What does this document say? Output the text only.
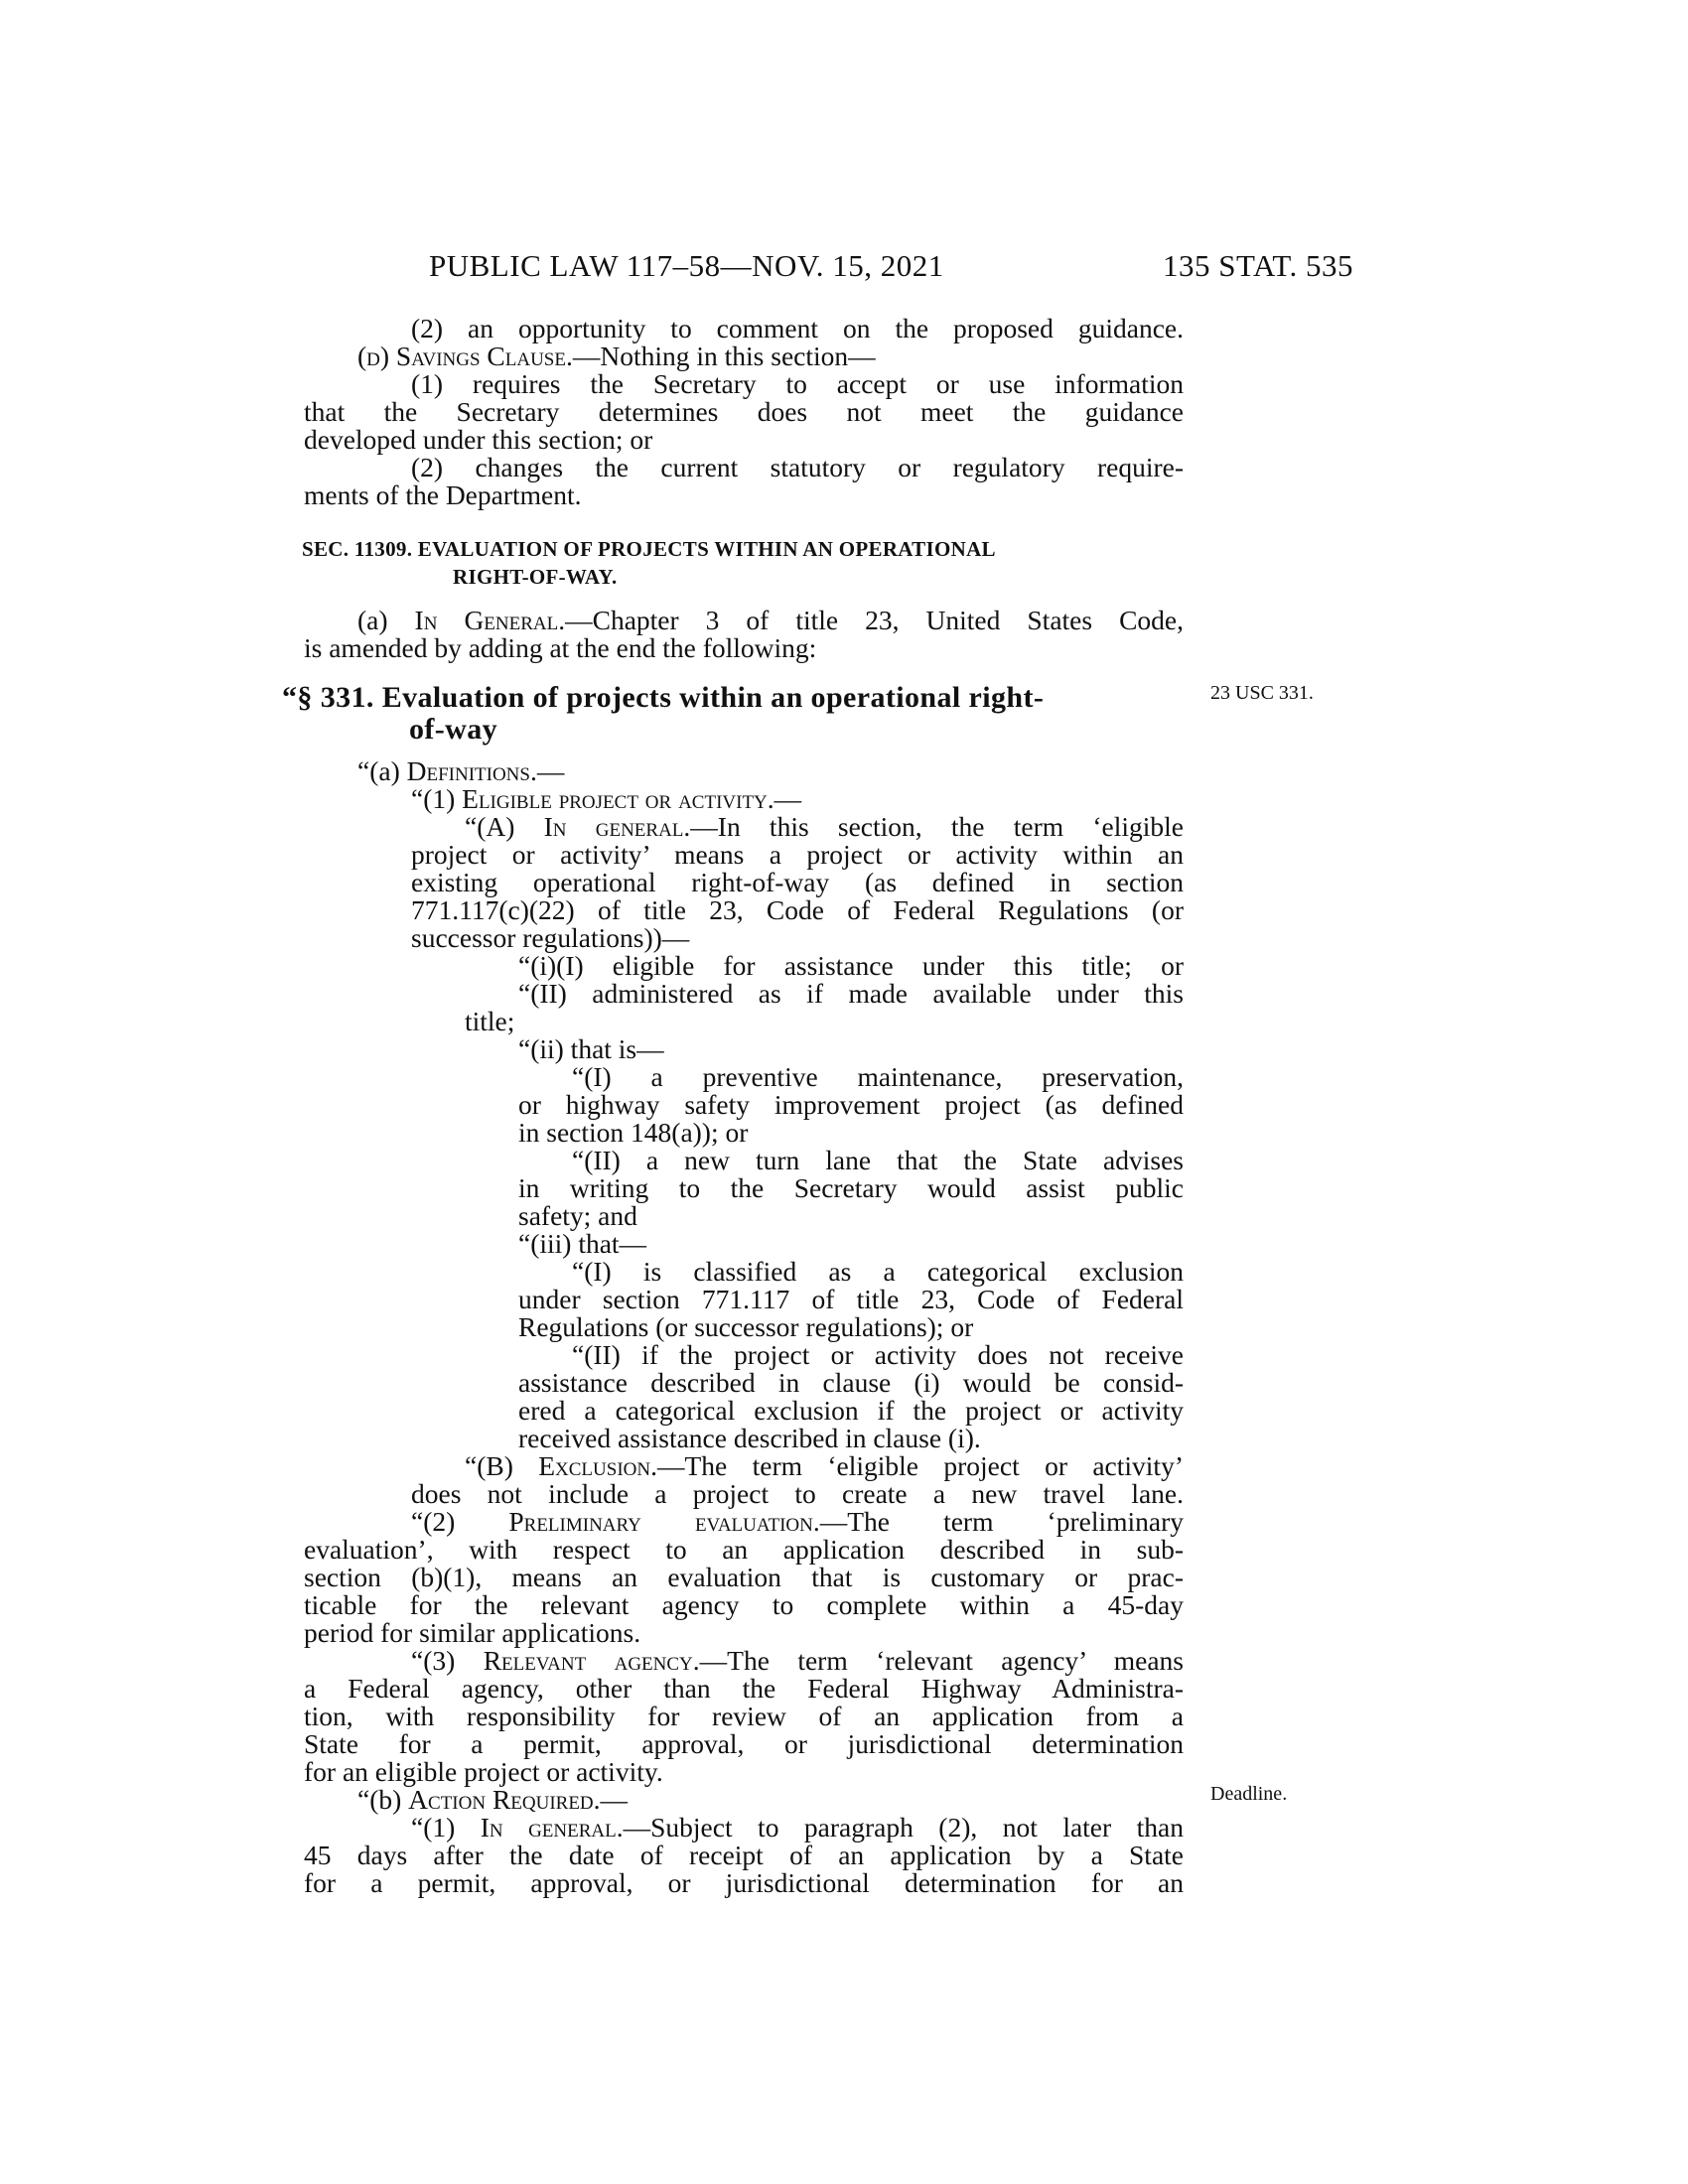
PUBLIC LAW 117–58—NOV. 15, 2021	135 STAT. 535
23 USC 331.
Deadline.
(2) an opportunity to comment on the proposed guidance.
(d) Savings Clause.—Nothing in this section—
(1) requires the Secretary to accept or use information
that the Secretary determines does not meet the guidance
developed under this section; or
(2) changes the current statutory or regulatory require-
ments of the Department.
SEC. 11309. EVALUATION OF PROJECTS WITHIN AN OPERATIONAL
RIGHT-OF-WAY.
(a) In General.—Chapter 3 of title 23, United States Code,
is amended by adding at the end the following:
“§ 331. Evaluation of projects within an operational right-
of-way
“(a) Definitions.—
“(1) Eligible project or activity.—
“(A) In general.—In this section, the term ‘eligible
project or activity’ means a project or activity within an
existing operational right-of-way (as defined in section
771.117(c)(22) of title 23, Code of Federal Regulations (or
successor regulations))—
“(i)(I) eligible for assistance under this title; or
“(II) administered as if made available under this
title;
“(ii) that is—
“(I) a preventive maintenance, preservation,
or highway safety improvement project (as defined
in section 148(a)); or
“(II) a new turn lane that the State advises
in writing to the Secretary would assist public
safety; and
“(iii) that—
“(I) is classified as a categorical exclusion
under section 771.117 of title 23, Code of Federal
Regulations (or successor regulations); or
“(II) if the project or activity does not receive
assistance described in clause (i) would be consid-
ered a categorical exclusion if the project or activity
received assistance described in clause (i).
“(B) Exclusion.—The term ‘eligible project or activity’
does not include a project to create a new travel lane.
“(2) Preliminary evaluation.—The term ‘preliminary
evaluation’, with respect to an application described in sub-
section (b)(1), means an evaluation that is customary or prac-
ticable for the relevant agency to complete within a 45-day
period for similar applications.
“(3) Relevant agency.—The term ‘relevant agency’ means
a Federal agency, other than the Federal Highway Administra-
tion, with responsibility for review of an application from a
State for a permit, approval, or jurisdictional determination
for an eligible project or activity.
“(b) Action Required.—
“(1) In general.—Subject to paragraph (2), not later than
45 days after the date of receipt of an application by a State
for a permit, approval, or jurisdictional determination for an
